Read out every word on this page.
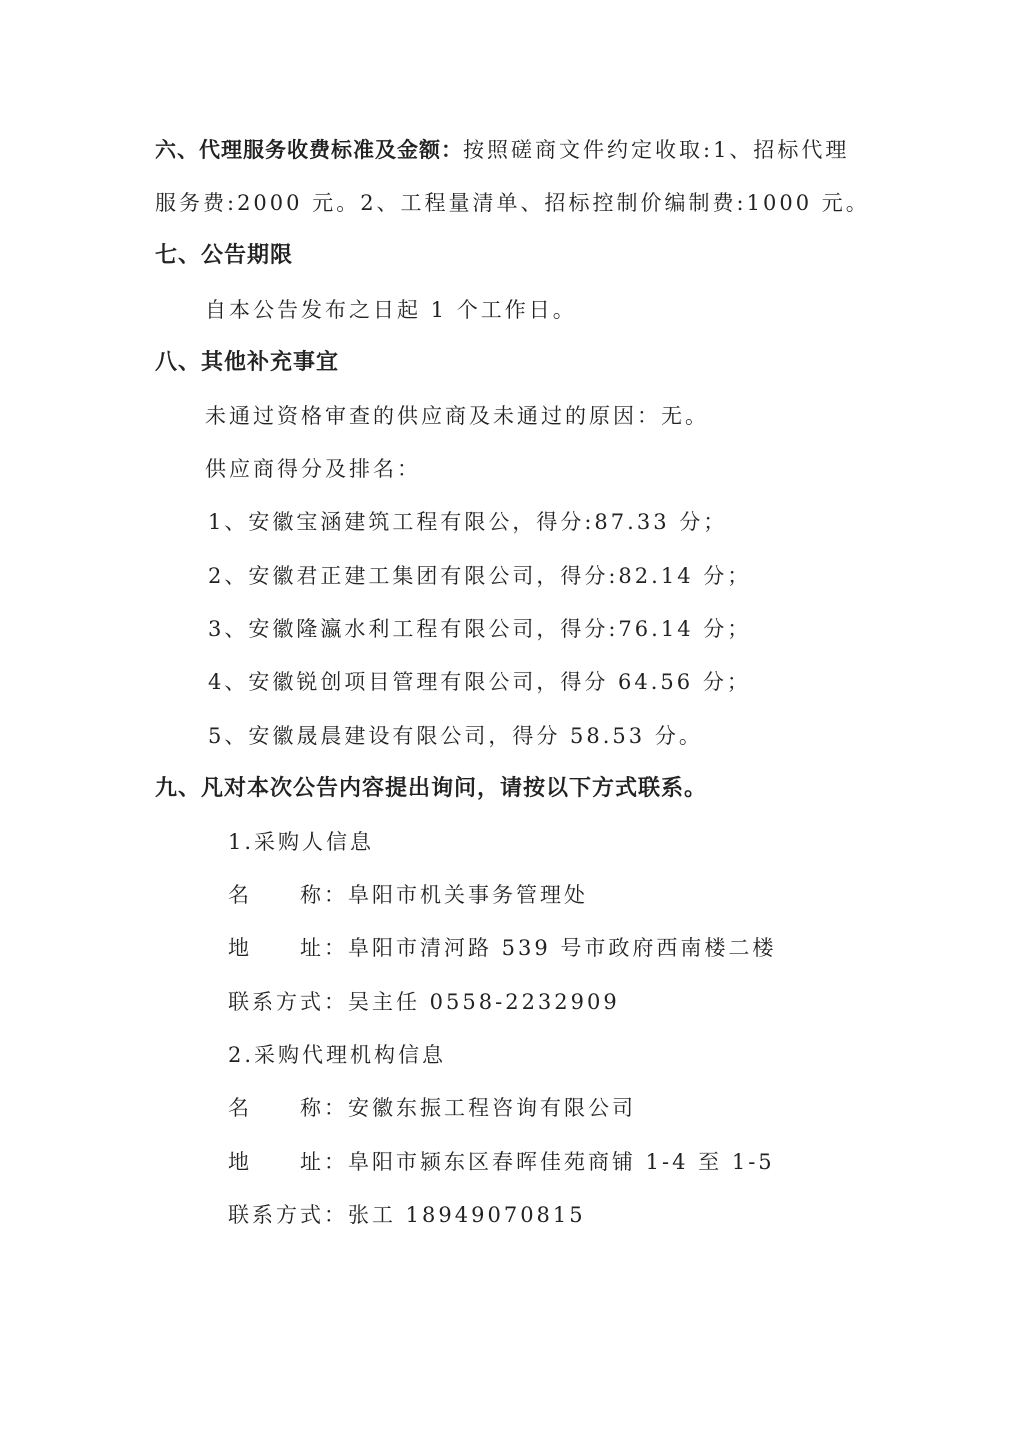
六、代理服务收费标准及金额：按照磋商文件约定收取:1、招标代理
服务费:2000 元。2、工程量清单、招标控制价编制费:1000 元。
七、公告期限
自本公告发布之日起 1 个工作日。
八、其他补充事宜
未通过资格审查的供应商及未通过的原因：无。
供应商得分及排名：
1、安徽宝涵建筑工程有限公，得分:87.33 分；
2、安徽君正建工集团有限公司，得分:82.14 分；
3、安徽隆瀛水利工程有限公司，得分:76.14 分；
4、安徽锐创项目管理有限公司，得分 64.56 分；
5、安徽晟晨建设有限公司，得分 58.53 分。
九、凡对本次公告内容提出询问，请按以下方式联系。
1.采购人信息
名 称：阜阳市机关事务管理处
地 址：阜阳市清河路 539 号市政府西南楼二楼
联系方式：吴主任 0558-2232909
2.采购代理机构信息
名 称：安徽东振工程咨询有限公司
地 址：阜阳市颍东区春晖佳苑商铺 1-4 至 1-5
联系方式：张工 18949070815
